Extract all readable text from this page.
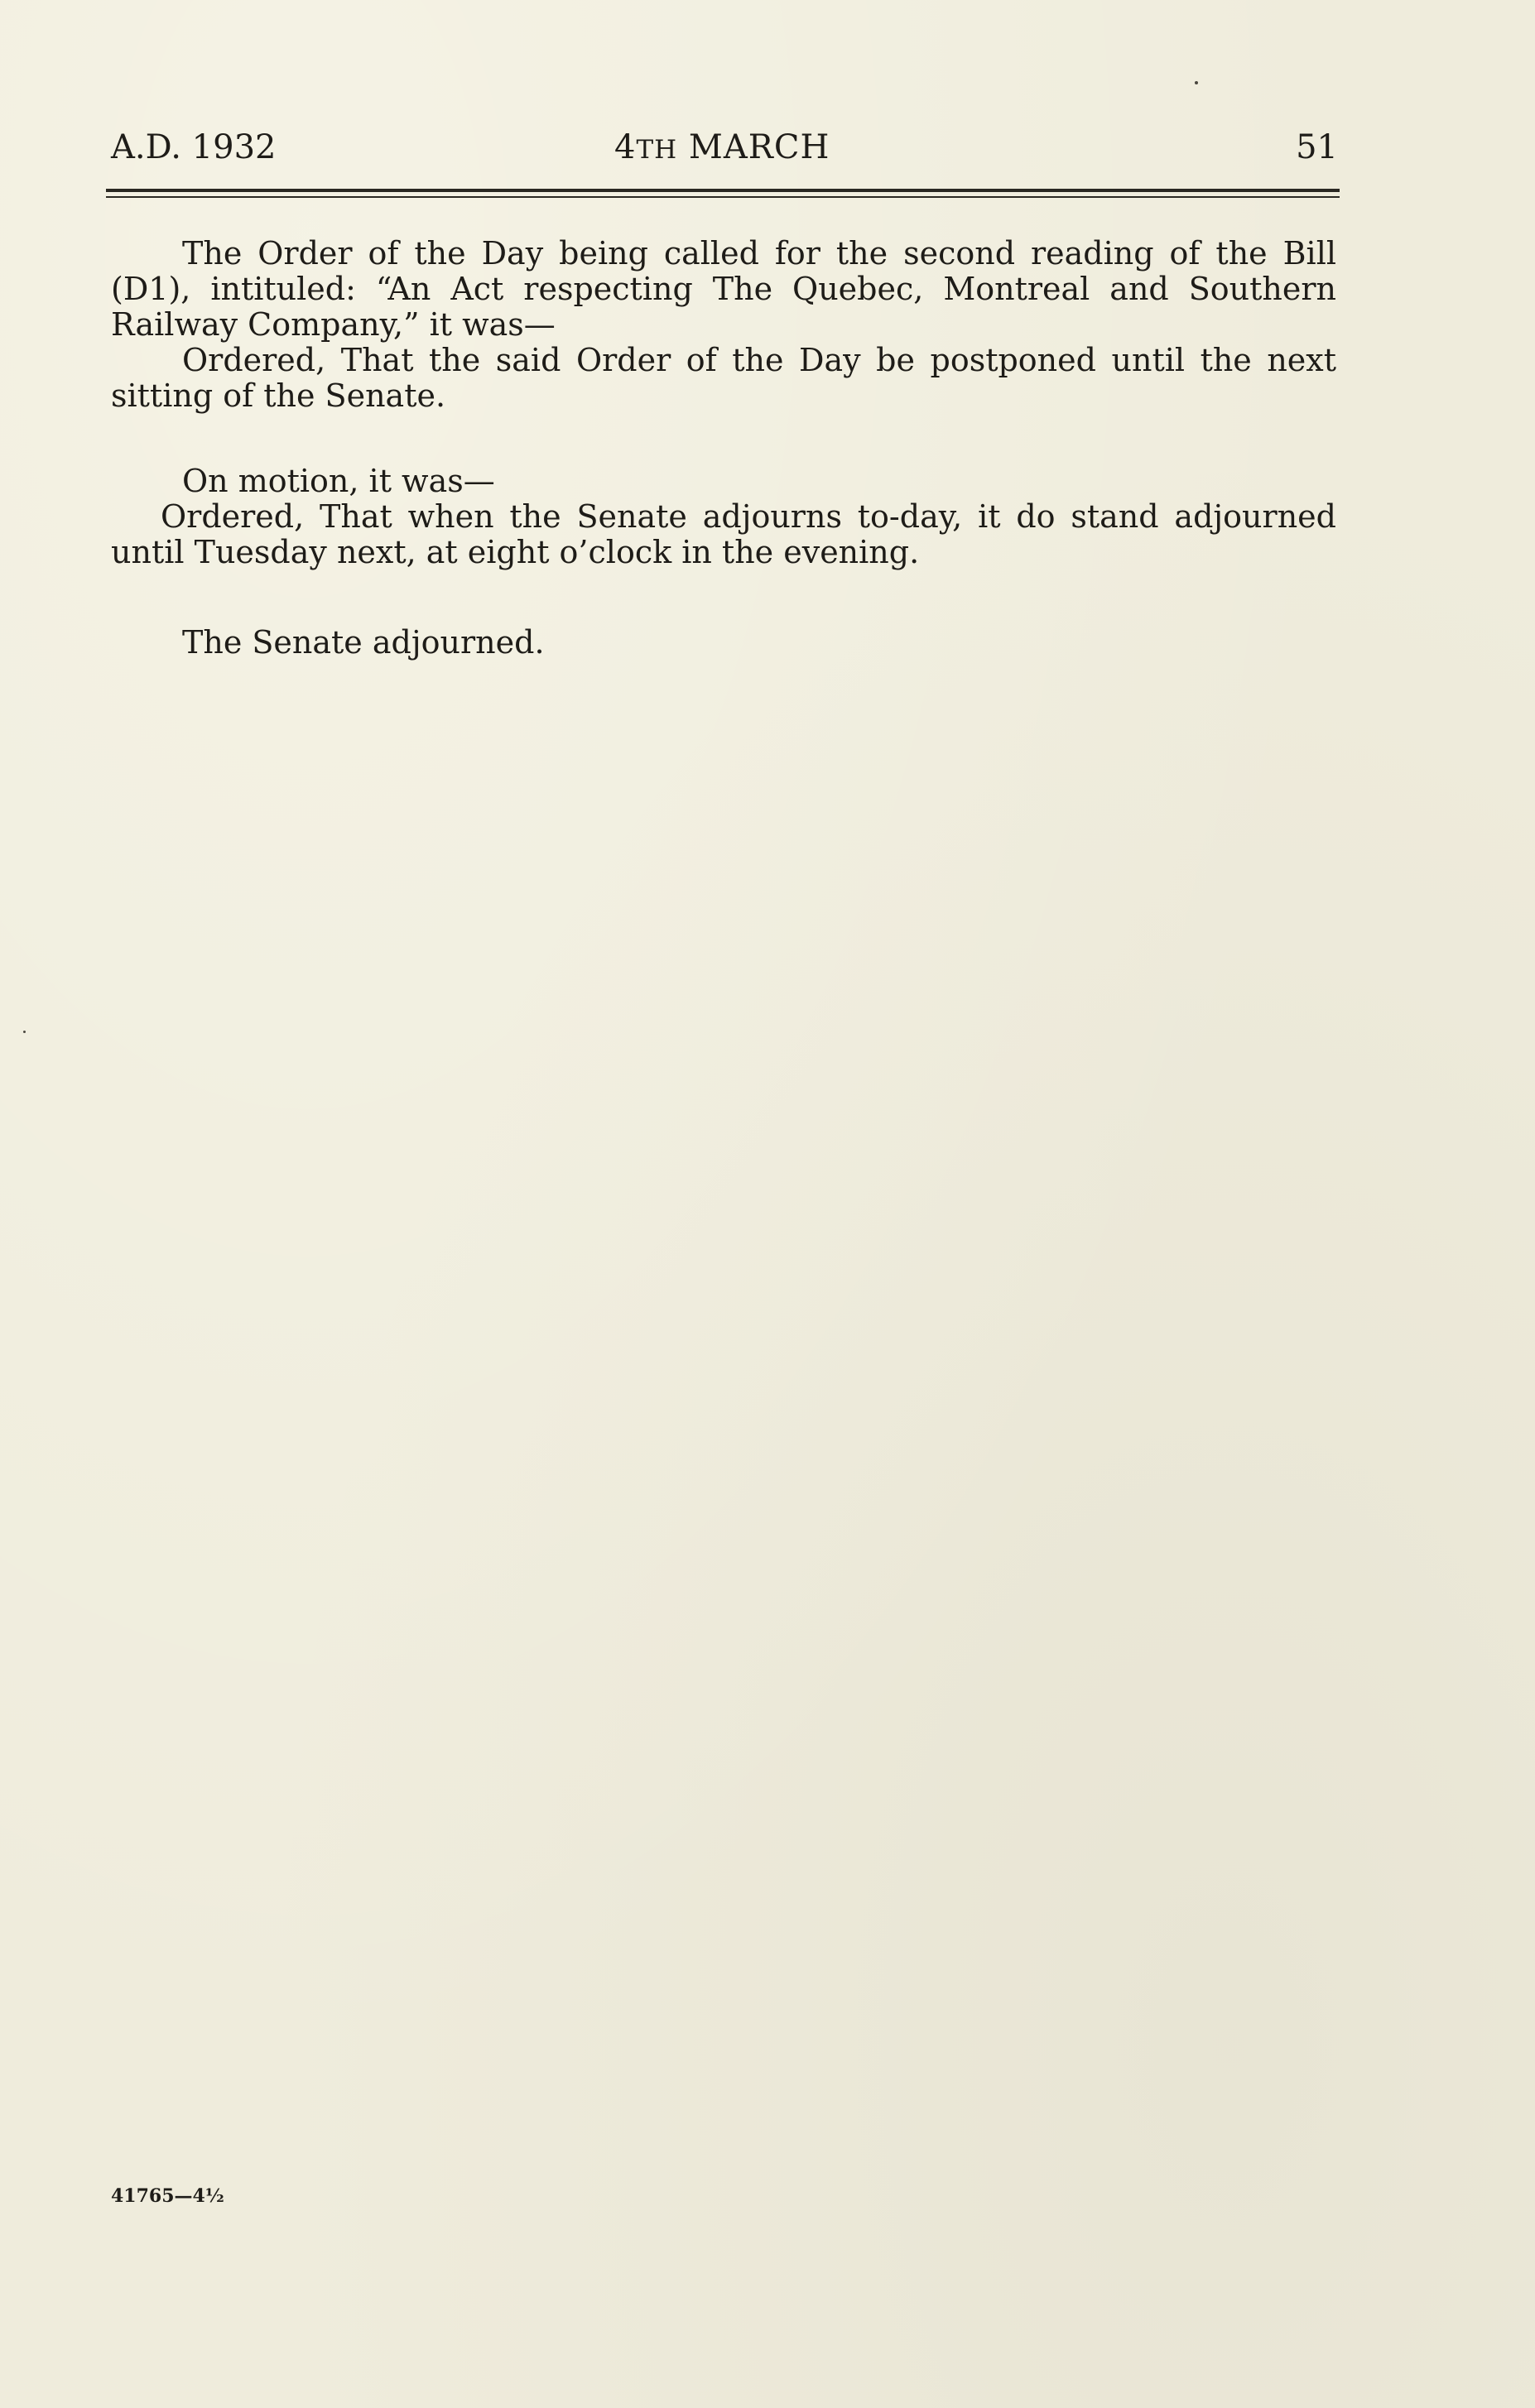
A.D. 1932	4TH MARCH	51

The Order of the Day being called for the second reading of the Bill (D1), intituled: “An Act respecting The Quebec, Montreal and Southern Railway Company,” it was—

Ordered, That the said Order of the Day be postponed until the next sitting of the Senate.

On motion, it was—

Ordered, That when the Senate adjourns to-day, it do stand adjourned until Tuesday next, at eight o’clock in the evening.

The Senate adjourned.

41765—4½
